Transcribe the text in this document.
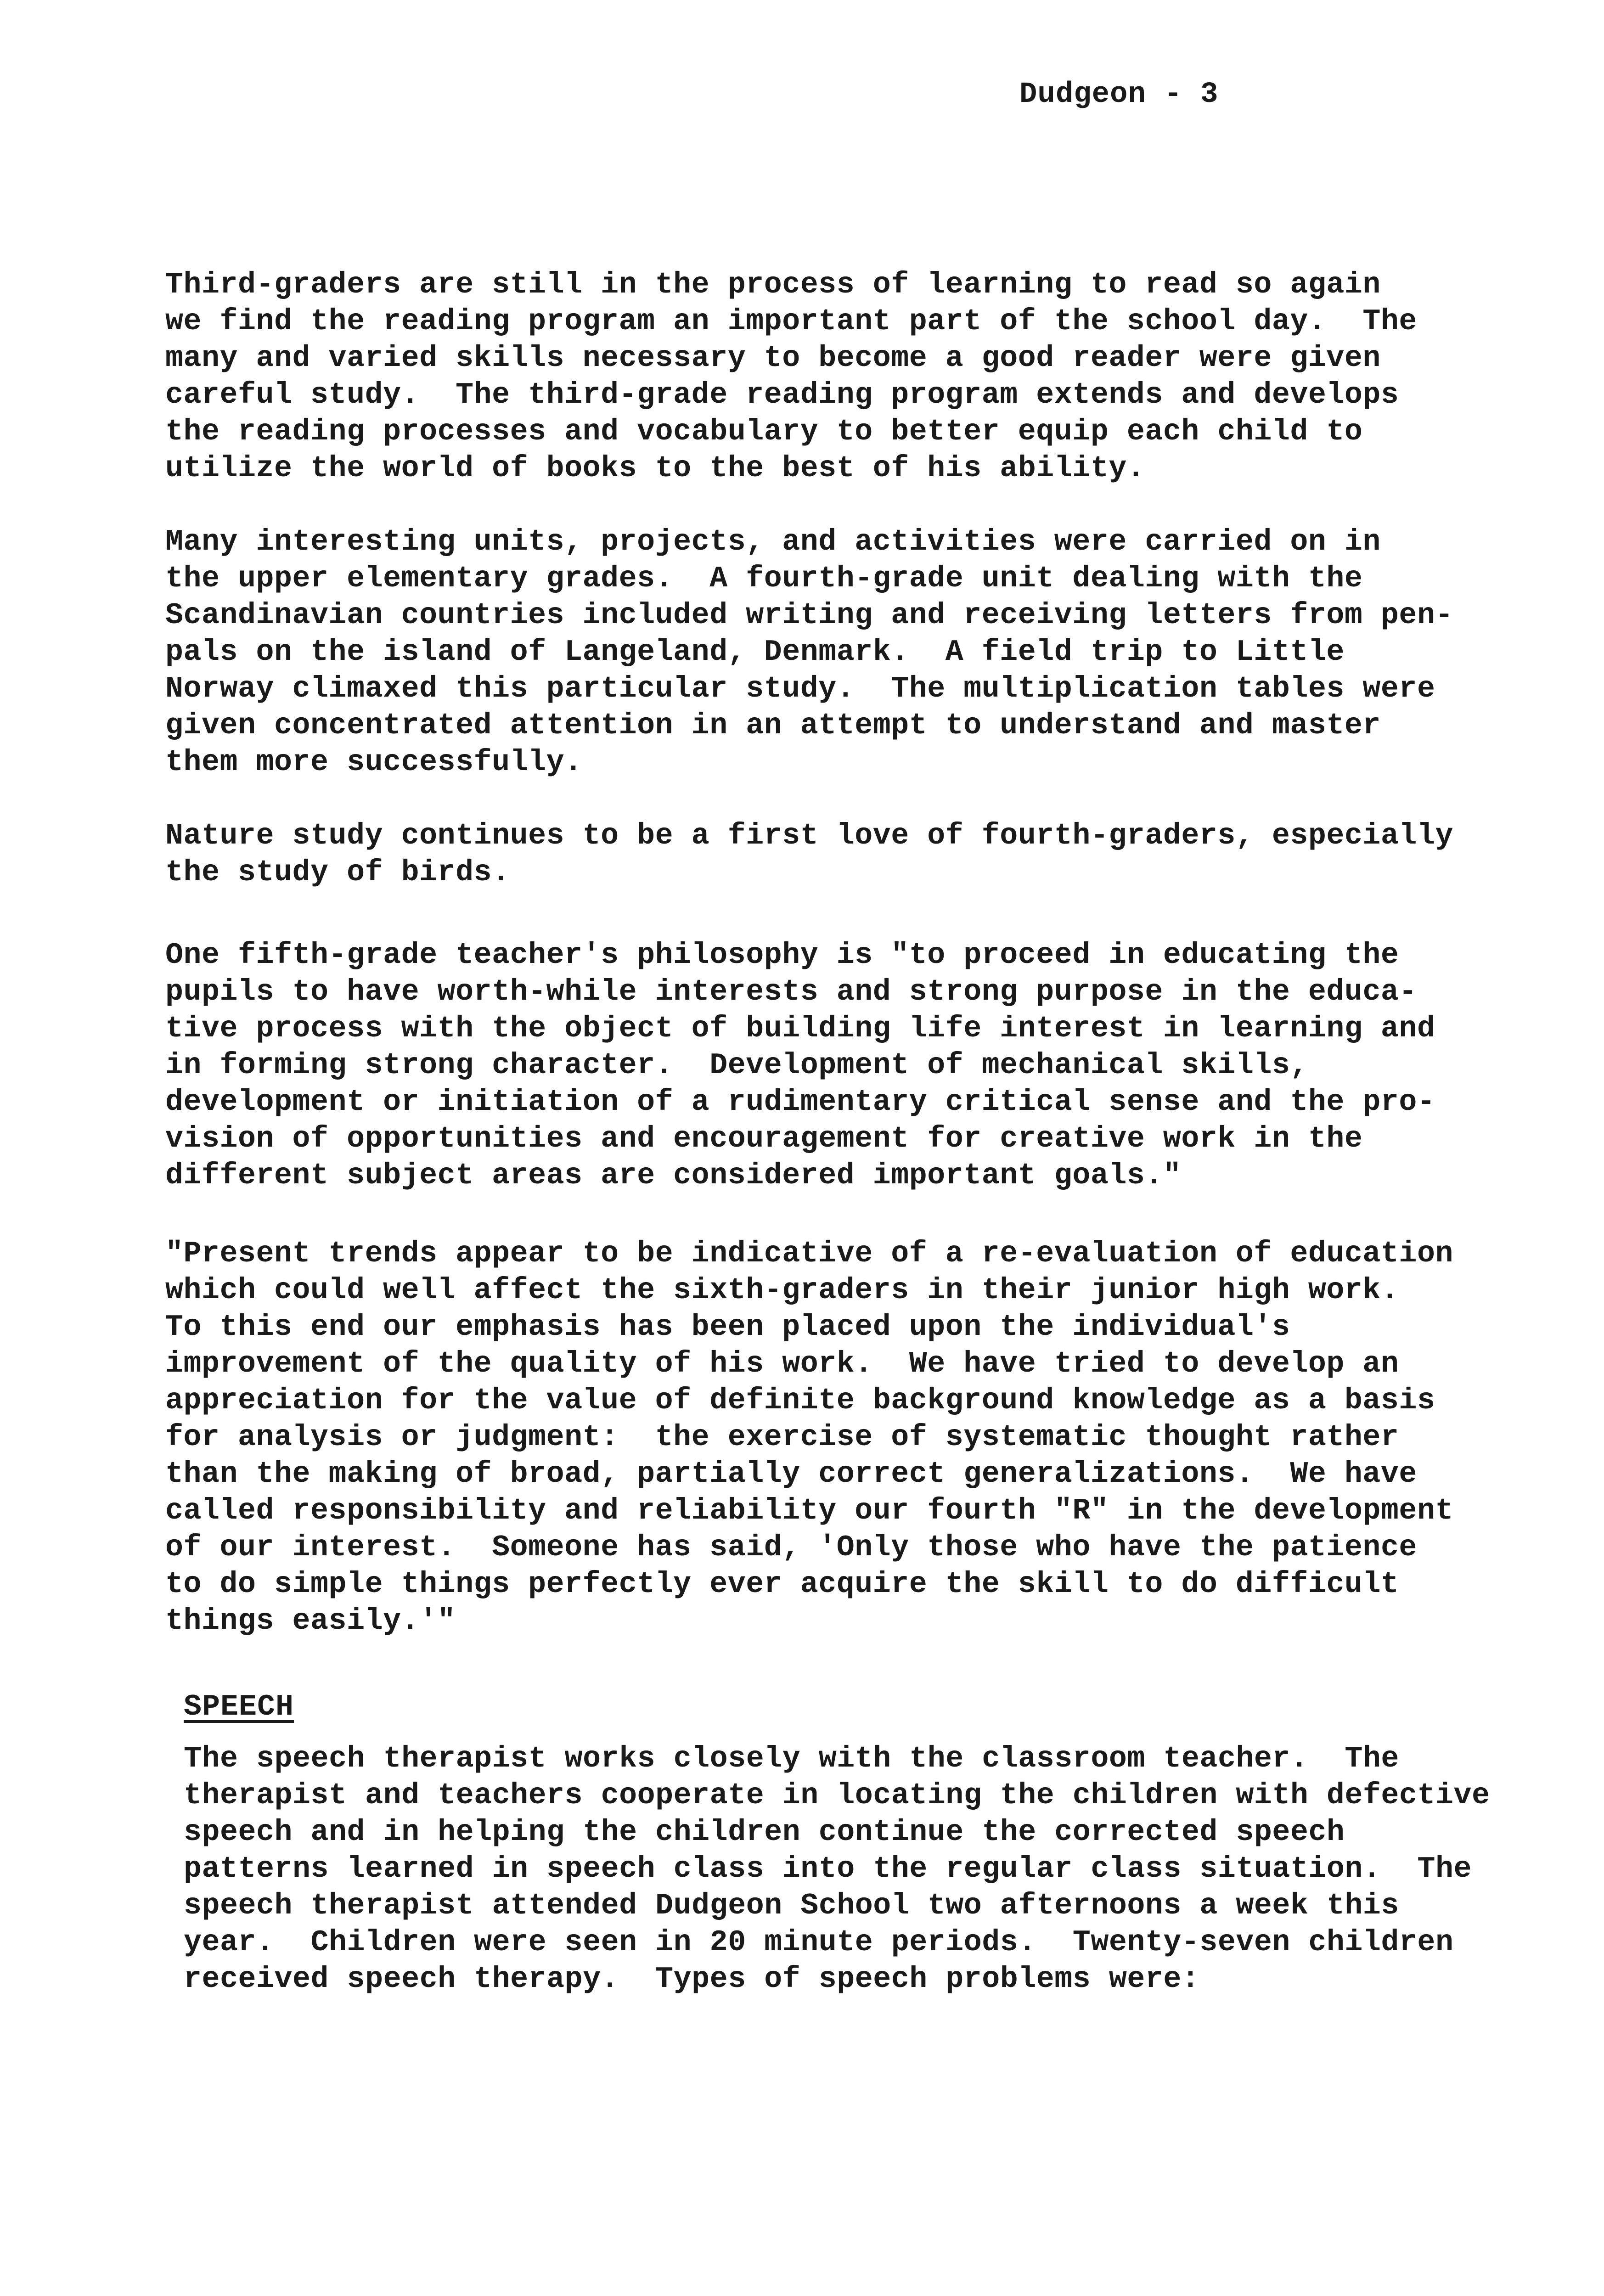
Dudgeon - 3
Third-graders are still in the process of learning to read so again
we find the reading program an important part of the school day.  The
many and varied skills necessary to become a good reader were given
careful study.  The third-grade reading program extends and develops
the reading processes and vocabulary to better equip each child to
utilize the world of books to the best of his ability.
Many interesting units, projects, and activities were carried on in
the upper elementary grades.  A fourth-grade unit dealing with the
Scandinavian countries included writing and receiving letters from pen-
pals on the island of Langeland, Denmark.  A field trip to Little
Norway climaxed this particular study.  The multiplication tables were
given concentrated attention in an attempt to understand and master
them more successfully.
Nature study continues to be a first love of fourth-graders, especially
the study of birds.
One fifth-grade teacher's philosophy is "to proceed in educating the
pupils to have worth-while interests and strong purpose in the educa-
tive process with the object of building life interest in learning and
in forming strong character.  Development of mechanical skills,
development or initiation of a rudimentary critical sense and the pro-
vision of opportunities and encouragement for creative work in the
different subject areas are considered important goals."
"Present trends appear to be indicative of a re-evaluation of education
which could well affect the sixth-graders in their junior high work.
To this end our emphasis has been placed upon the individual's
improvement of the quality of his work.  We have tried to develop an
appreciation for the value of definite background knowledge as a basis
for analysis or judgment:  the exercise of systematic thought rather
than the making of broad, partially correct generalizations.  We have
called responsibility and reliability our fourth "R" in the development
of our interest.  Someone has said, 'Only those who have the patience
to do simple things perfectly ever acquire the skill to do difficult
things easily.'"
SPEECH
The speech therapist works closely with the classroom teacher.  The
therapist and teachers cooperate in locating the children with defective
speech and in helping the children continue the corrected speech
patterns learned in speech class into the regular class situation.  The
speech therapist attended Dudgeon School two afternoons a week this
year.  Children were seen in 20 minute periods.  Twenty-seven children
received speech therapy.  Types of speech problems were:
